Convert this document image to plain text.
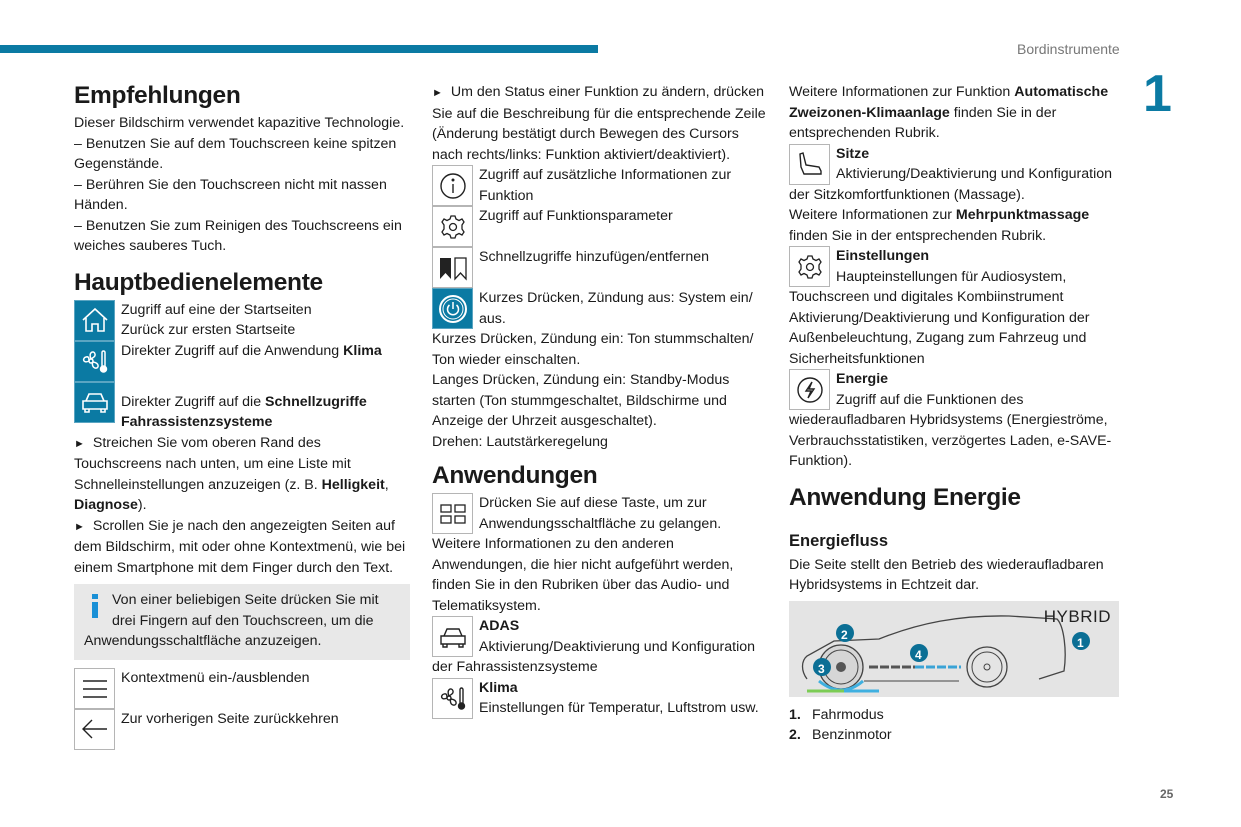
Bordinstrumente
1
25
Empfehlungen

Dieser Bildschirm verwendet kapazitive Technologie.

– Benutzen Sie auf dem Touchscreen keine spitzen Gegenstände.

– Berühren Sie den Touchscreen nicht mit nassen Händen.

– Benutzen Sie zum Reinigen des Touchscreens ein weiches sauberes Tuch.

Hauptbedienelemente

Zugriff auf eine der Startseiten

Zurück zur ersten Startseite

Direkter Zugriff auf die Anwendung Klima

Direkter Zugriff auf die Schnellzugriffe Fahrassistenzsysteme

► Streichen Sie vom oberen Rand des Touchscreens nach unten, um eine Liste mit Schnelleinstellungen anzuzeigen (z. B. Helligkeit, Diagnose).

► Scrollen Sie je nach den angezeigten Seiten auf dem Bildschirm, mit oder ohne Kontextmenü, wie bei einem Smartphone mit dem Finger durch den Text.

Von einer beliebigen Seite drücken Sie mit drei Fingern auf den Touchscreen, um die Anwendungsschaltfläche anzuzeigen.

Kontextmenü ein-/ausblenden

Zur vorherigen Seite zurückkehren

► Um den Status einer Funktion zu ändern, drücken Sie auf die Beschreibung für die entsprechende Zeile (Änderung bestätigt durch Bewegen des Cursors nach rechts/links: Funktion aktiviert/deaktiviert).

Zugriff auf zusätzliche Informationen zur Funktion

Zugriff auf Funktionsparameter

Schnellzugriffe hinzufügen/entfernen

Kurzes Drücken, Zündung aus: System ein/ aus.

Kurzes Drücken, Zündung ein: Ton stummschalten/ Ton wieder einschalten.

Langes Drücken, Zündung ein: Standby-Modus starten (Ton stummgeschaltet, Bildschirme und Anzeige der Uhrzeit ausgeschaltet).

Drehen: Lautstärkeregelung

Anwendungen

Drücken Sie auf diese Taste, um zur Anwendungsschaltfläche zu gelangen.

Weitere Informationen zu den anderen Anwendungen, die hier nicht aufgeführt werden, finden Sie in den Rubriken über das Audio- und Telematiksystem.

ADAS

Aktivierung/Deaktivierung und Konfiguration der Fahrassistenzsysteme

Klima

Einstellungen für Temperatur, Luftstrom usw.

Weitere Informationen zur Funktion Automatische Zweizonen-Klimaanlage finden Sie in der entsprechenden Rubrik.

Sitze

Aktivierung/Deaktivierung und Konfiguration der Sitzkomfortfunktionen (Massage).

Weitere Informationen zur Mehrpunktmassage finden Sie in der entsprechenden Rubrik.

Einstellungen

Haupteinstellungen für Audiosystem, Touchscreen und digitales Kombiinstrument Aktivierung/Deaktivierung und Konfiguration der Außenbeleuchtung, Zugang zum Fahrzeug und Sicherheitsfunktionen

Energie

Zugriff auf die Funktionen des wiederaufladbaren Hybridsystems (Energieströme, Verbrauchsstatistiken, verzögertes Laden, e-SAVE-Funktion).

Anwendung Energie
Energiefluss

Die Seite stellt den Betrieb des wiederaufladbaren Hybridsystems in Echtzeit dar.

HYBRID
2
3
4
1
1. Fahrmodus
2. Benzinmotor
